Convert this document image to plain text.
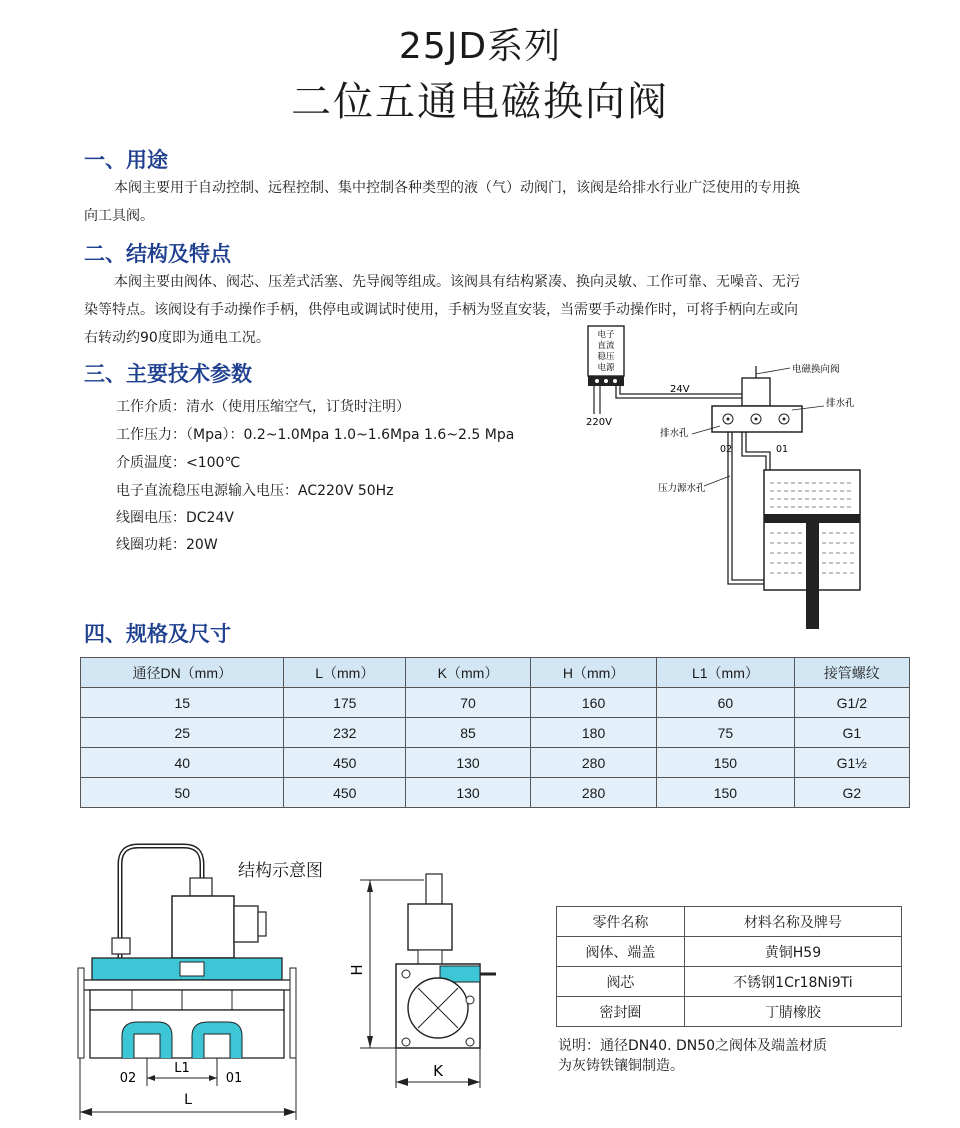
25JD系列
二位五通电磁换向阀
一、用途
本阀主要用于自动控制、远程控制、集中控制各种类型的液（气）动阀门，该阀是给排水行业广泛使用的专用换

向工具阀。
二、结构及特点
本阀主要由阀体、阀芯、压差式活塞、先导阀等组成。该阀具有结构紧凑、换向灵敏、工作可靠、无噪音、无污
染等特点。该阀设有手动操作手柄，供停电或调试时使用，手柄为竖直安装，当需要手动操作时，可将手柄向左或向
右转动约90度即为通电工况。
三、主要技术参数
工作介质：清水（使用压缩空气，订货时注明）
工作压力：（Mpa）：0.2~1.0Mpa 1.0~1.6Mpa 1.6~2.5 Mpa
介质温度：<100℃
电子直流稳压电源输入电压：AC220V 50Hz
线圈电压：DC24V
线圈功耗：20W
电子
直流
稳压
电源
24V
220V
电磁换向阀
排水孔
排水孔
02	01
压力源水孔
四、规格及尺寸
通径DN（mm）	L（mm）	K（mm）	H（mm）	L1（mm）	接管螺纹
15	175	70	160	60	G1/2
25	232	85	180	75	G1
40	450	130	280	150	G1½
50	450	130	280	150	G2
结构示意图
L1
02	01
L
H
K
零件名称	材料名称及牌号
阀体、端盖	黄铜H59
阀芯	不锈钢1Cr18Ni9Ti
密封圈	丁腈橡胶
说明：通径DN40. DN50之阀体及端盖材质
为灰铸铁镶铜制造。
